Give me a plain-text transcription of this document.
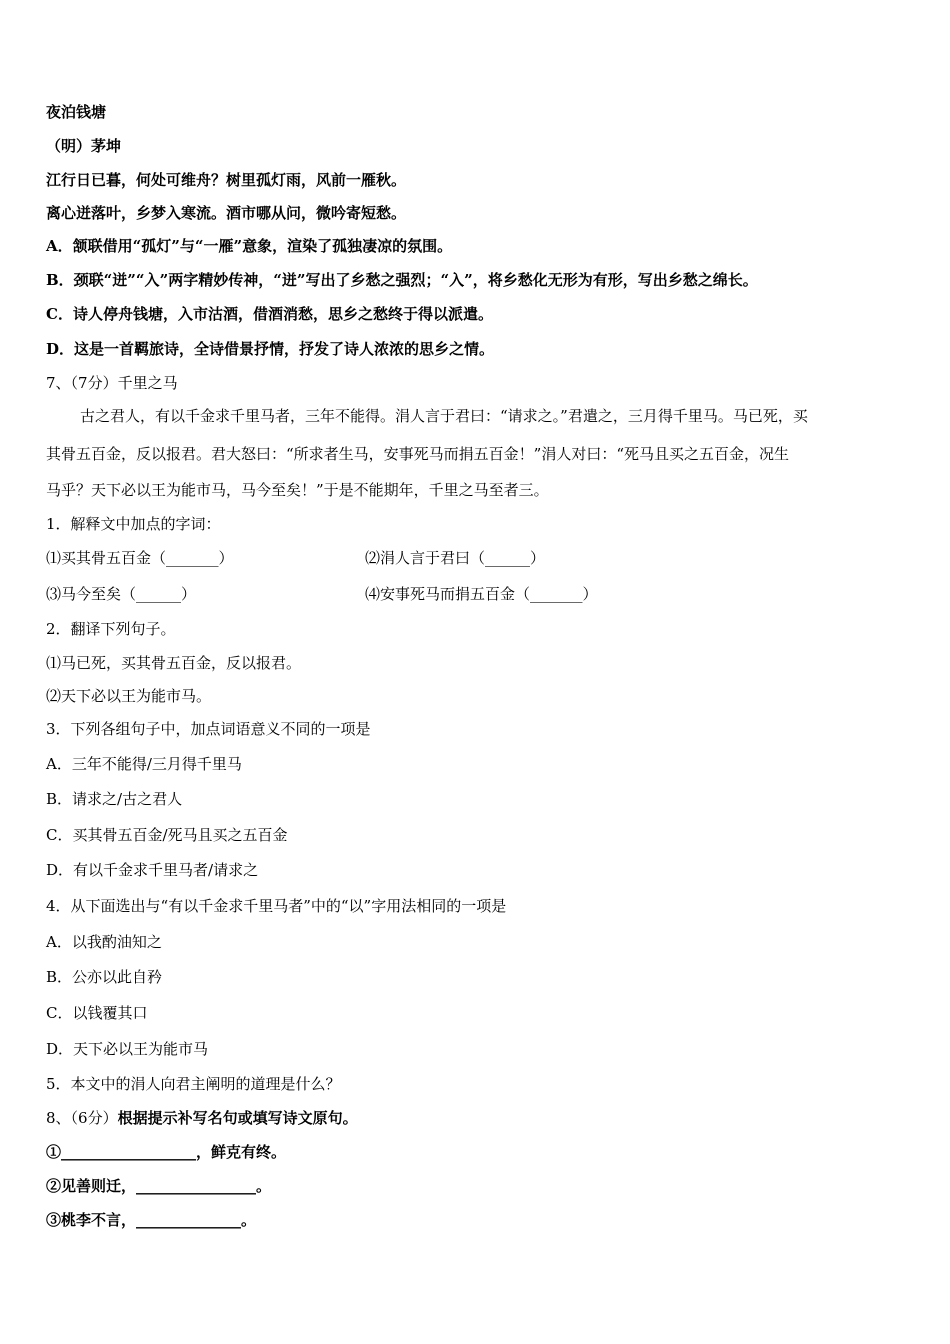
夜泊钱塘
（明）茅坤
江行日已暮，何处可维舟？树里孤灯雨，风前一雁秋。
离心迸落叶，乡梦入寒流。酒市哪从问，微吟寄短愁。
A．颔联借用“孤灯”与“一雁”意象，渲染了孤独凄凉的氛围。
B．颈联“迸”“入”两字精妙传神，“迸”写出了乡愁之强烈；“入”，将乡愁化无形为有形，写出乡愁之绵长。
C．诗人停舟钱塘，入市沽酒，借酒消愁，思乡之愁终于得以派遣。
D．这是一首羁旅诗，全诗借景抒情，抒发了诗人浓浓的思乡之情。
7、（7分）千里之马
古之君人，有以千金求千里马者，三年不能得。涓人言于君曰：“请求之。”君遣之，三月得千里马。马已死，买
其骨五百金，反以报君。君大怒曰：“所求者生马，安事死马而捐五百金！”涓人对曰：“死马且买之五百金，况生
马乎？天下必以王为能市马，马今至矣！”于是不能期年，千里之马至者三。
1．解释文中加点的字词：
⑴买其骨五百金（_______）	⑵涓人言于君曰（______）
⑶马今至矣（______）	⑷安事死马而捐五百金（_______）
2．翻译下列句子。
⑴马已死，买其骨五百金，反以报君。
⑵天下必以王为能市马。
3．下列各组句子中，加点词语意义不同的一项是
A．三年不能得/三月得千里马
B．请求之/古之君人
C．买其骨五百金/死马且买之五百金
D．有以千金求千里马者/请求之
4．从下面选出与“有以千金求千里马者”中的“以”字用法相同的一项是
A．以我酌油知之
B．公亦以此自矜
C．以钱覆其口
D．天下必以王为能市马
5．本文中的涓人向君主阐明的道理是什么？
8、（6分）根据提示补写名句或填写诗文原句。
①__________________，鲜克有终。
②见善则迁，________________。
③桃李不言，______________。
